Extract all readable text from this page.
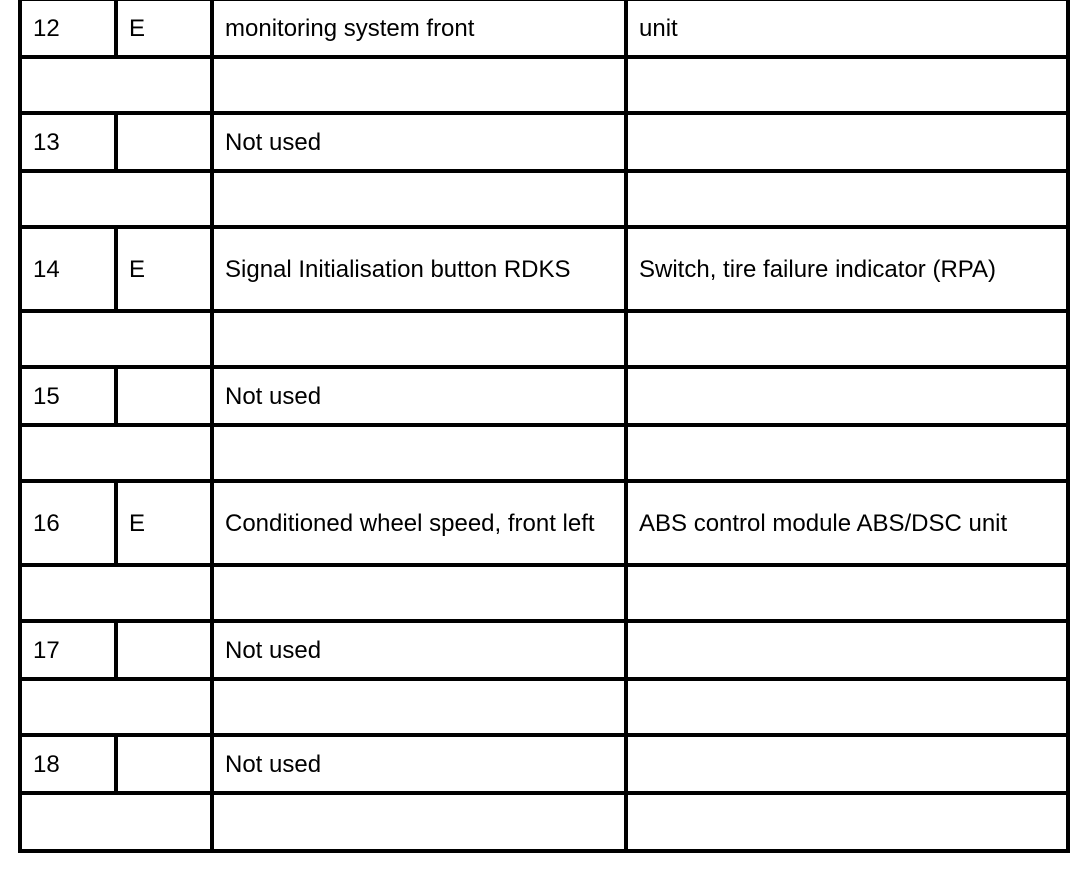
12	E	monitoring system front	unit

13		Not used	

14	E	Signal Initialisation button RDKS	Switch, tire failure indicator (RPA)

15		Not used	

16	E	Conditioned wheel speed, front left	ABS control module ABS/DSC unit

17		Not used	

18		Not used	
